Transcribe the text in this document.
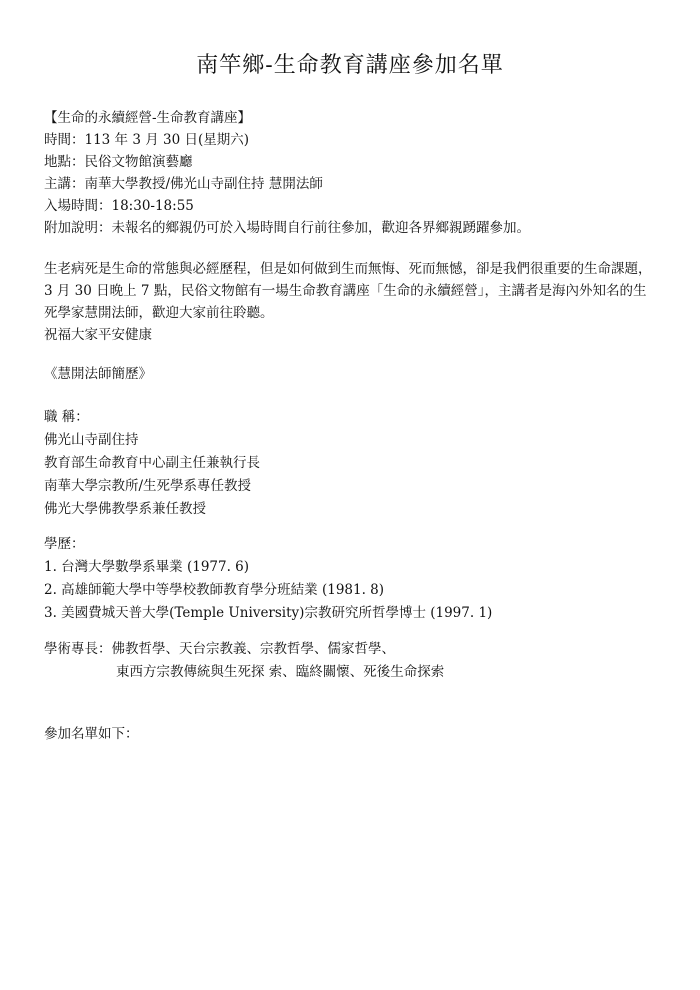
南竿鄉-生命教育講座參加名單
【生命的永續經營-生命教育講座】
時間：113 年 3 月 30 日(星期六)
地點：民俗文物館演藝廳
主講：南華大學教授/佛光山寺副住持 慧開法師
入場時間：18:30-18:55
附加說明：未報名的鄉親仍可於入場時間自行前往參加，歡迎各界鄉親踴躍參加。
生老病死是生命的常態與必經歷程，但是如何做到生而無悔、死而無憾，卻是我們很重要的生命課題，
3 月 30 日晚上 7 點，民俗文物館有一場生命教育講座「生命的永續經營」，主講者是海內外知名的生
死學家慧開法師，歡迎大家前往聆聽。
祝福大家平安健康
《慧開法師簡歷》
職 稱：
佛光山寺副住持
教育部生命教育中心副主任兼執行長
南華大學宗教所/生死學系專任教授
佛光大學佛教學系兼任教授
學歷：
1. 台灣大學數學系畢業 (1977. 6)
2. 高雄師範大學中等學校教師教育學分班結業 (1981. 8)
3. 美國費城天普大學(Temple University)宗教研究所哲學博士 (1997. 1)
學術專長：佛教哲學、天台宗教義、宗教哲學、儒家哲學、
東西方宗教傳統與生死探 索、臨終關懷、死後生命探索
參加名單如下：
